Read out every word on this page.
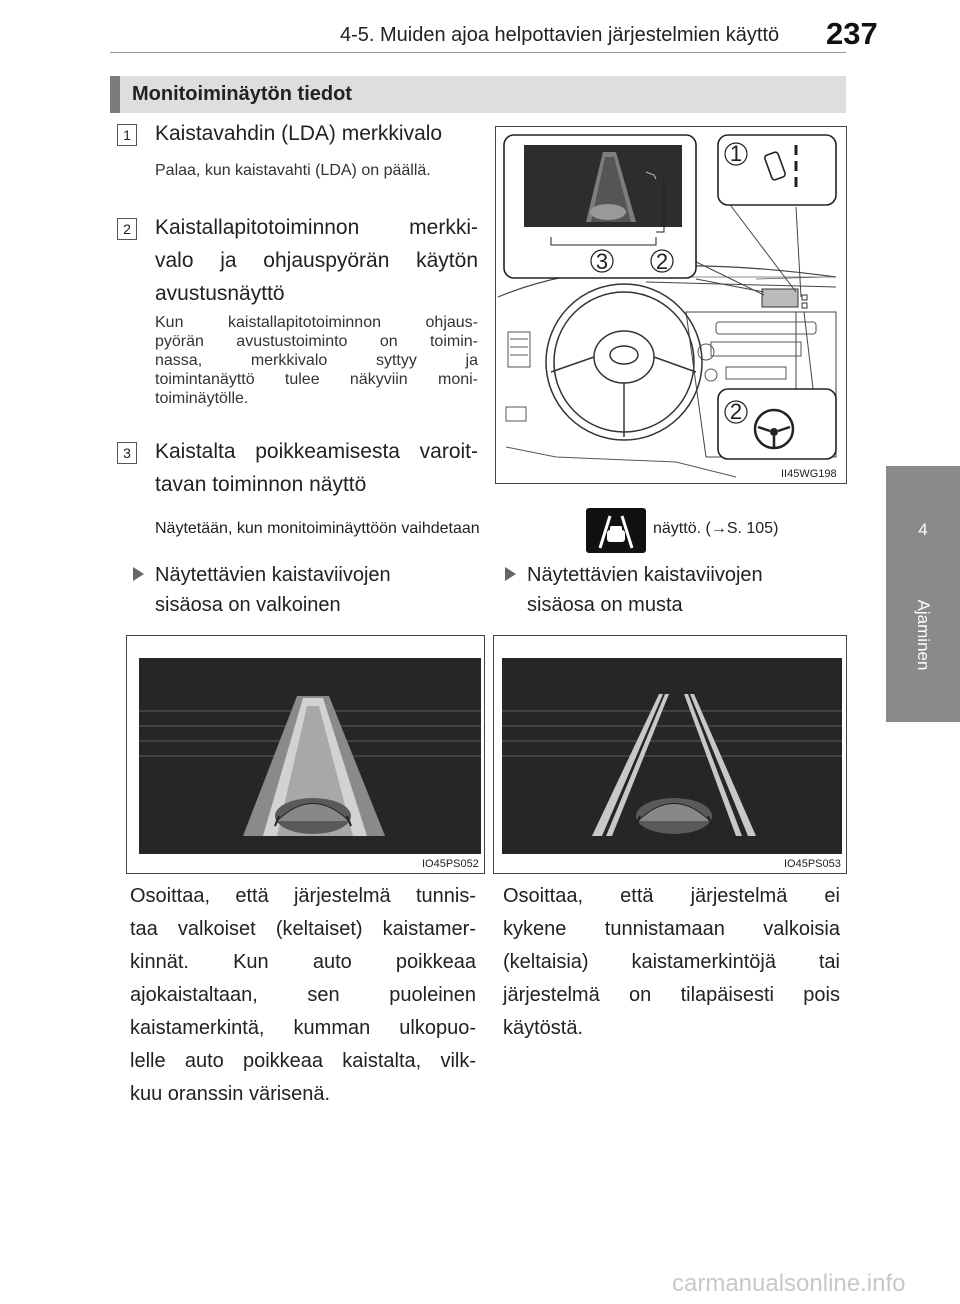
4-5. Muiden ajoa helpottavien järjestelmien käyttö 237
4
Ajaminen
Monitoiminäytön tiedot
1 Kaistavahdin (LDA) merkkivalo
Palaa, kun kaistavahti (LDA) on päällä.
2 Kaistallapitotoiminnon merkki-
valo ja ohjauspyörän käytön
avustusnäyttö
Kun kaistallapitotoiminnon ohjaus-
pyörän avustustoiminto on toimin-
nassa, merkkivalo syttyy ja
toimintanäyttö tulee näkyviin moni-
toiminäytölle.
3 Kaistalta poikkeamisesta varoit-
tavan toiminnon näyttö	II45WG198
1
3 2
2
Näytetään, kun monitoiminäyttöön vaihdetaan	näyttö. (→S. 105)
Näytettävien kaistaviivojen
sisäosa on valkoinen
Näytettävien kaistaviivojen
sisäosa on musta
IO45PS052	IO45PS053
Osoittaa, että järjestelmä tunnis-
taa valkoiset (keltaiset) kaistamer-
kinnät. Kun auto poikkeaa
ajokaistaltaan, sen puoleinen
kaistamerkintä, kumman ulkopuo-
lelle auto poikkeaa kaistalta, vilk-
kuu oranssin värisenä.
Osoittaa, että järjestelmä ei
kykene tunnistamaan valkoisia
(keltaisia) kaistamerkintöjä tai
järjestelmä on tilapäisesti pois
käytöstä.
carmanualsonline.info
